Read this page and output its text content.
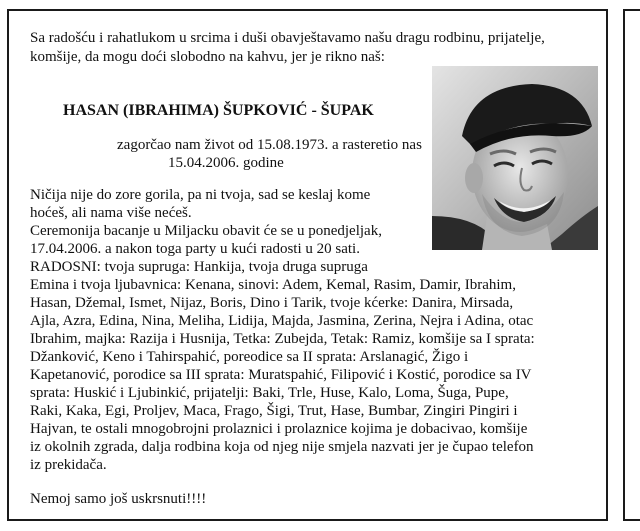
Sa radošću i rahatlukom u srcima i duši obavještavamo našu dragu rodbinu, prijatelje,
komšije, da mogu doći slobodno na kahvu, jer je rikno naš:
HASAN (IBRAHIMA) ŠUPKOVIĆ - ŠUPAK
zagorčao nam život od 15.08.1973. a rasteretio nas
15.04.2006. godine
Ničija nije do zore gorila, pa ni tvoja, sad se keslaj kome
hoćeš, ali nama više nećeš.
Ceremonija bacanje u Miljacku obavit će se u ponedjeljak,
17.04.2006. a nakon toga party u kući radosti u 20 sati.
RADOSNI: tvoja supruga: Hankija, tvoja druga supruga
Emina i tvoja ljubavnica: Kenana, sinovi: Adem, Kemal, Rasim, Damir, Ibrahim,
Hasan, Džemal, Ismet, Nijaz, Boris, Dino i Tarik, tvoje kćerke: Danira, Mirsada,
Ajla, Azra, Edina, Nina, Meliha, Lidija, Majda, Jasmina, Zerina, Nejra i Adina, otac
Ibrahim, majka: Razija i Husnija, Tetka: Zubejda, Tetak: Ramiz, komšije sa I sprata:
Džanković, Keno i Tahirspahić, poreodice sa II sprata: Arslanagić, Žigo i
Kapetanović, porodice sa III sprata: Muratspahić, Filipović i Kostić, porodice sa IV
sprata: Huskić i Ljubinkić, prijatelji: Baki, Trle, Huse, Kalo, Loma, Šuga, Pupe,
Raki, Kaka, Egi, Proljev, Maca, Frago, Šigi, Trut, Hase, Bumbar, Zingiri Pingiri i
Hajvan, te ostali mnogobrojni prolaznici i prolaznice kojima je dobacivao, komšije
iz okolnih zgrada, dalja rodbina koja od njeg nije smjela nazvati jer je čupao telefon
iz prekidača.
Nemoj samo još uskrsnuti!!!!
